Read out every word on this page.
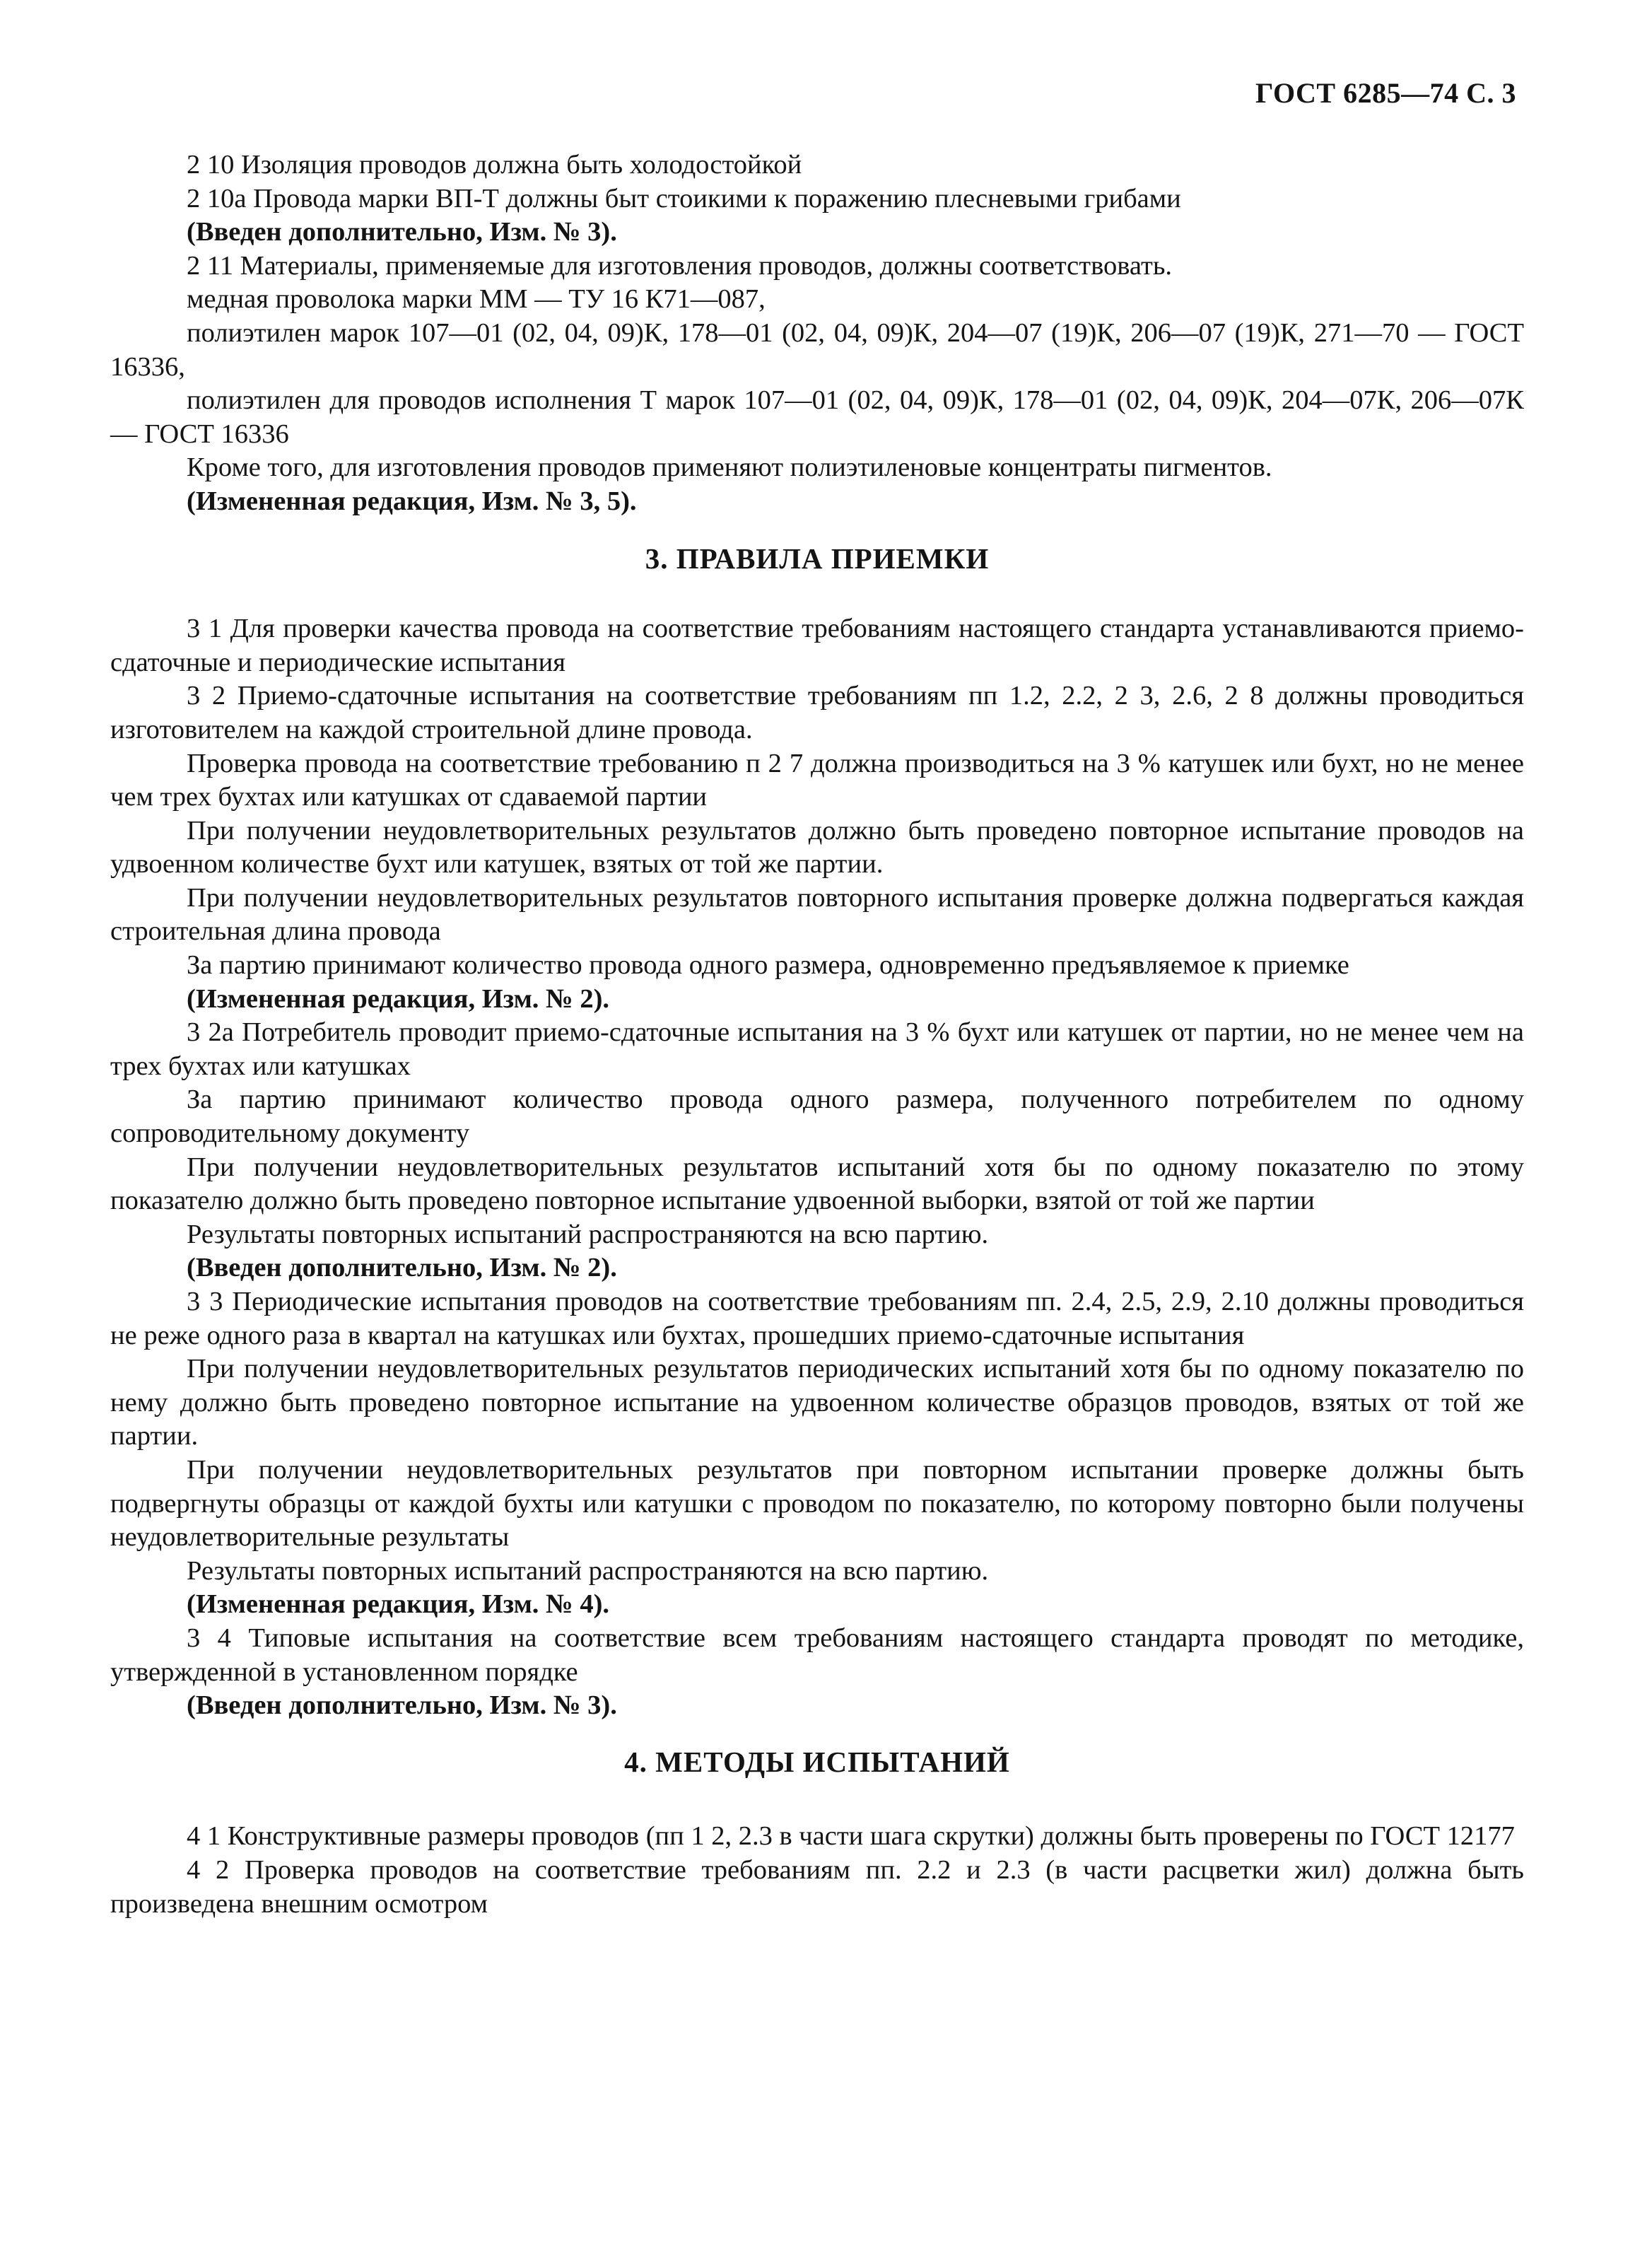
ГОСТ 6285—74 С. 3

2 10 Изоляция проводов должна быть холодостойкой

2 10a Провода марки ВП-Т должны быт стоикими к поражению плесневыми грибами

(Введен дополнительно, Изм. № 3).

2 11 Материалы, применяемые для изготовления проводов, должны соответствовать.

медная проволока марки ММ — ТУ 16 К71—087,

полиэтилен марок 107—01 (02, 04, 09)К, 178—01 (02, 04, 09)К, 204—07 (19)К, 206—07 (19)К, 271—70 — ГОСТ 16336,

полиэтилен для проводов исполнения Т марок 107—01 (02, 04, 09)К, 178—01 (02, 04, 09)К, 204—07К, 206—07К — ГОСТ 16336

Кроме того, для изготовления проводов применяют полиэтиленовые концентраты пигментов.

(Измененная редакция, Изм. № 3, 5).

3. ПРАВИЛА ПРИЕМКИ

3 1 Для проверки качества провода на соответствие требованиям настоящего стандарта устанавливаются приемо-сдаточные и периодические испытания

3 2 Приемо-сдаточные испытания на соответствие требованиям пп 1.2, 2.2, 2 3, 2.6, 2 8 должны проводиться изготовителем на каждой строительной длине провода.

Проверка провода на соответствие требованию п 2 7 должна производиться на 3 % катушек или бухт, но не менее чем трех бухтах или катушках от сдаваемой партии

При получении неудовлетворительных результатов должно быть проведено повторное испытание проводов на удвоенном количестве бухт или катушек, взятых от той же партии.

При получении неудовлетворительных результатов повторного испытания проверке должна подвергаться каждая строительная длина провода

За партию принимают количество провода одного размера, одновременно предъявляемое к приемке

(Измененная редакция, Изм. № 2).

3 2a Потребитель проводит приемо-сдаточные испытания на 3 % бухт или катушек от партии, но не менее чем на трех бухтах или катушках

За партию принимают количество провода одного размера, полученного потребителем по одному сопроводительному документу

При получении неудовлетворительных результатов испытаний хотя бы по одному показателю по этому показателю должно быть проведено повторное испытание удвоенной выборки, взятой от той же партии

Результаты повторных испытаний распространяются на всю партию.

(Введен дополнительно, Изм. № 2).

3 3 Периодические испытания проводов на соответствие требованиям пп. 2.4, 2.5, 2.9, 2.10 должны проводиться не реже одного раза в квартал на катушках или бухтах, прошедших приемо-сдаточные испытания

При получении неудовлетворительных результатов периодических испытаний хотя бы по одному показателю по нему должно быть проведено повторное испытание на удвоенном количестве образцов проводов, взятых от той же партии.

При получении неудовлетворительных результатов при повторном испытании проверке должны быть подвергнуты образцы от каждой бухты или катушки с проводом по показателю, по которому повторно были получены неудовлетворительные результаты

Результаты повторных испытаний распространяются на всю партию.

(Измененная редакция, Изм. № 4).

3 4 Типовые испытания на соответствие всем требованиям настоящего стандарта проводят по методике, утвержденной в установленном порядке

(Введен дополнительно, Изм. № 3).

4. МЕТОДЫ ИСПЫТАНИЙ

4 1 Конструктивные размеры проводов (пп 1 2, 2.3 в части шага скрутки) должны быть проверены по ГОСТ 12177

4 2 Проверка проводов на соответствие требованиям пп. 2.2 и 2.3 (в части расцветки жил) должна быть произведена внешним осмотром
